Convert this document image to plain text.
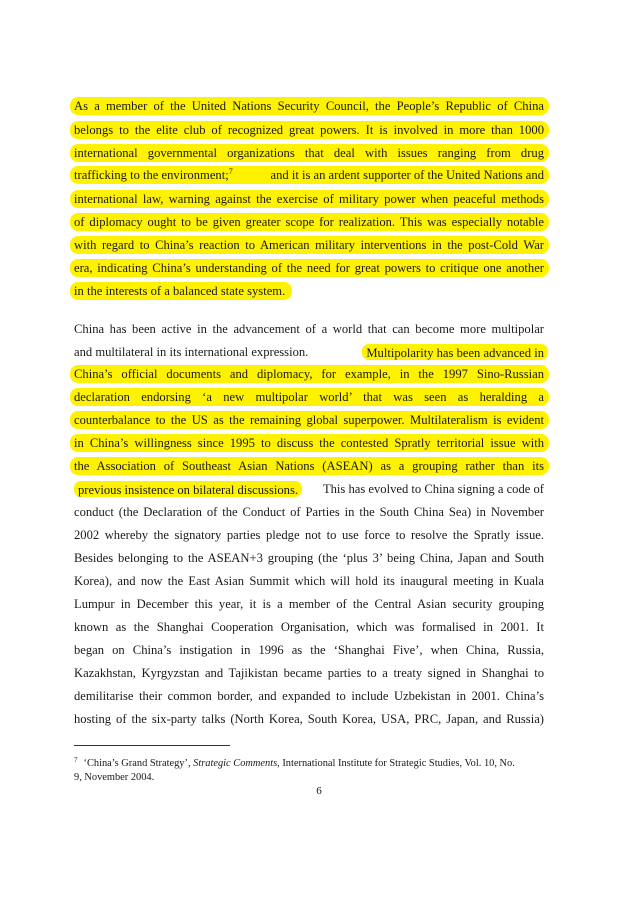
As a member of the United Nations Security Council, the People’s Republic of China
belongs to the elite club of recognized great powers. It is involved in more than 1000
international governmental organizations that deal with issues ranging from drug
trafficking to the environment;$^7$	and it is an ardent supporter of the United Nations and
international law, warning against the exercise of military power when peaceful methods
of diplomacy ought to be given greater scope for realization. This was especially notable
with regard to China’s reaction to American military interventions in the post-Cold War
era, indicating China’s understanding of the need for great powers to critique one another
in the interests of a balanced state system.
China has been active in the advancement of a world that can become more multipolar
and multilateral in its international expression.	Multipolarity has been advanced in
China’s official documents and diplomacy, for example, in the 1997 Sino-Russian
declaration endorsing ‘a new multipolar world’ that was seen as heralding a
counterbalance to the US as the remaining global superpower. Multilateralism is evident
in China’s willingness since 1995 to discuss the contested Spratly territorial issue with
the Association of Southeast Asian Nations (ASEAN) as a grouping rather than its
previous insistence on bilateral discussions.	This has evolved to China signing a code of
conduct (the Declaration of the Conduct of Parties in the South China Sea) in November
2002 whereby the signatory parties pledge not to use force to resolve the Spratly issue.
Besides belonging to the ASEAN+3 grouping (the ‘plus 3’ being China, Japan and South
Korea), and now the East Asian Summit which will hold its inaugural meeting in Kuala
Lumpur in December this year, it is a member of the Central Asian security grouping
known as the Shanghai Cooperation Organisation, which was formalised in 2001. It
began on China’s instigation in 1996 as the ‘Shanghai Five’, when China, Russia,
Kazakhstan, Kyrgyzstan and Tajikistan became parties to a treaty signed in Shanghai to
demilitarise their common border, and expanded to include Uzbekistan in 2001. China’s
hosting of the six-party talks (North Korea, South Korea, USA, PRC, Japan, and Russia)
$^7$ ‘China’s Grand Strategy’, Strategic Comments, International Institute for Strategic Studies, Vol. 10, No.
9, November 2004.
6
